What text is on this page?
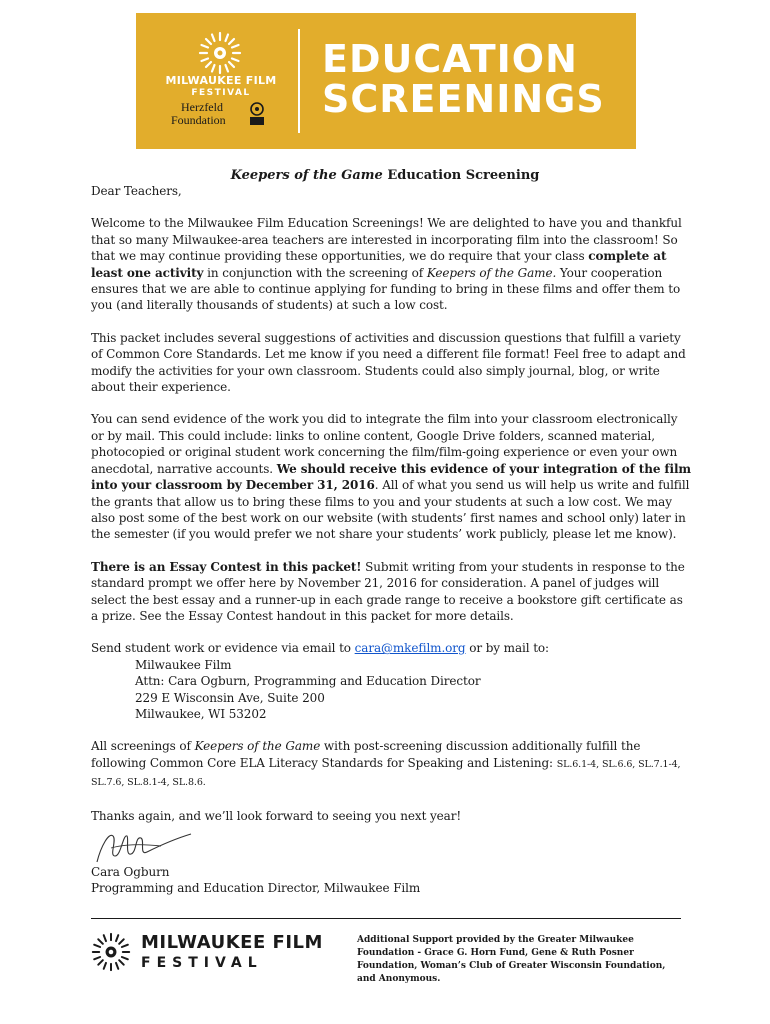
MILWAUKEE FILM
FESTIVAL
Herzfeld
Foundation
EDUCATION
SCREENINGS
Keepers of the Game Education Screening

Dear Teachers,

Welcome to the Milwaukee Film Education Screenings! We are delighted to have you and thankful that so many Milwaukee-area teachers are interested in incorporating film into the classroom! So that we may continue providing these opportunities, we do require that your class complete at least one activity in conjunction with the screening of Keepers of the Game. Your cooperation ensures that we are able to continue applying for funding to bring in these films and offer them to you (and literally thousands of students) at such a low cost.

This packet includes several suggestions of activities and discussion questions that fulfill a variety of Common Core Standards. Let me know if you need a different file format! Feel free to adapt and modify the activities for your own classroom. Students could also simply journal, blog, or write about their experience.

You can send evidence of the work you did to integrate the film into your classroom electronically or by mail. This could include: links to online content, Google Drive folders, scanned material, photocopied or original student work concerning the film/film-going experience or even your own anecdotal, narrative accounts. We should receive this evidence of your integration of the film into your classroom by December 31, 2016. All of what you send us will help us write and fulfill the grants that allow us to bring these films to you and your students at such a low cost. We may also post some of the best work on our website (with students’ first names and school only) later in the semester (if you would prefer we not share your students’ work publicly, please let me know).

There is an Essay Contest in this packet! Submit writing from your students in response to the standard prompt we offer here by November 21, 2016 for consideration. A panel of judges will select the best essay and a runner-up in each grade range to receive a bookstore gift certificate as a prize. See the Essay Contest handout in this packet for more details.

Send student work or evidence via email to cara@mkefilm.org or by mail to:

Milwaukee Film
Attn: Cara Ogburn, Programming and Education Director
229 E Wisconsin Ave, Suite 200
Milwaukee, WI 53202

All screenings of Keepers of the Game with post-screening discussion additionally fulfill the following Common Core ELA Literacy Standards for Speaking and Listening: SL.6.1-4, SL.6.6, SL.7.1-4, SL.7.6, SL.8.1-4, SL.8.6.

Thanks again, and we’ll look forward to seeing you next year!

Cara Ogburn
Programming and Education Director, Milwaukee Film
MILWAUKEE FILM
FESTIVAL
Additional Support provided by the Greater Milwaukee Foundation - Grace G. Horn Fund, Gene & Ruth Posner Foundation, Woman’s Club of Greater Wisconsin Foundation, and Anonymous.
